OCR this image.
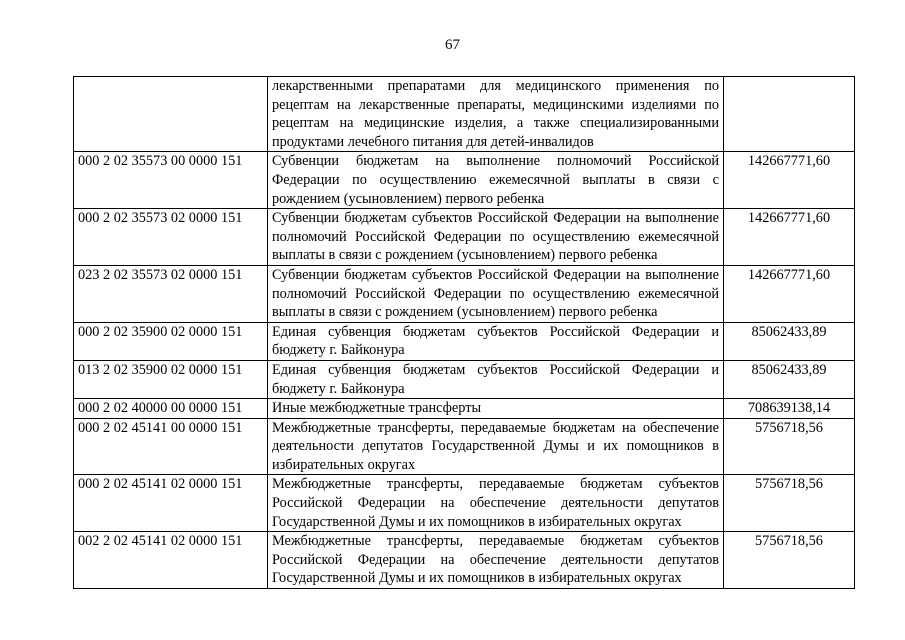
67
	лекарственными препаратами для медицинского применения по рецептам на лекарственные препараты, медицинскими изделиями по рецептам на медицинские изделия, а также специализированными продуктами лечебного питания для детей-инвалидов	
000 2 02 35573 00 0000 151	Субвенции бюджетам на выполнение полномочий Российской Федерации по осуществлению ежемесячной выплаты в связи с рождением (усыновлением) первого ребенка	142667771,60
000 2 02 35573 02 0000 151	Субвенции бюджетам субъектов Российской Федерации на выполнение полномочий Российской Федерации по осуществлению ежемесячной выплаты в связи с рождением (усыновлением) первого ребенка	142667771,60
023 2 02 35573 02 0000 151	Субвенции бюджетам субъектов Российской Федерации на выполнение полномочий Российской Федерации по осуществлению ежемесячной выплаты в связи с рождением (усыновлением) первого ребенка	142667771,60
000 2 02 35900 02 0000 151	Единая субвенция бюджетам субъектов Российской Федерации и бюджету г. Байконура	85062433,89
013 2 02 35900 02 0000 151	Единая субвенция бюджетам субъектов Российской Федерации и бюджету г. Байконура	85062433,89
000 2 02 40000 00 0000 151	Иные межбюджетные трансферты	708639138,14
000 2 02 45141 00 0000 151	Межбюджетные трансферты, передаваемые бюджетам на обеспечение деятельности депутатов Государственной Думы и их помощников в избирательных округах	5756718,56
000 2 02 45141 02 0000 151	Межбюджетные трансферты, передаваемые бюджетам субъектов Российской Федерации на обеспечение деятельности депутатов Государственной Думы и их помощников в избирательных округах	5756718,56
002 2 02 45141 02 0000 151	Межбюджетные трансферты, передаваемые бюджетам субъектов Российской Федерации на обеспечение деятельности депутатов Государственной Думы и их помощников в избирательных округах	5756718,56
